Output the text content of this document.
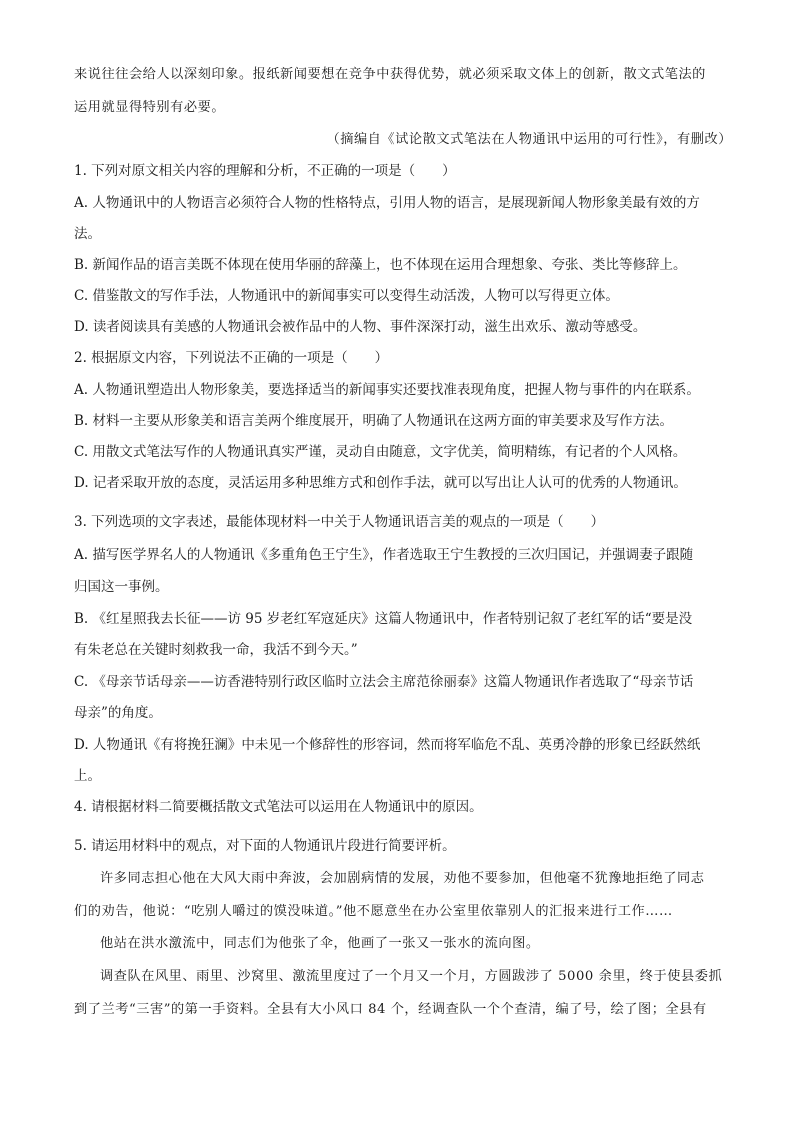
来说往往会给人以深刻印象。报纸新闻要想在竞争中获得优势，就必须采取文体上的创新，散文式笔法的
运用就显得特别有必要。
（摘编自《试论散文式笔法在人物通讯中运用的可行性》，有删改）
1. 下列对原文相关内容的理解和分析，不正确的一项是（　　）
A. 人物通讯中的人物语言必须符合人物的性格特点，引用人物的语言，是展现新闻人物形象美最有效的方
法。
B. 新闻作品的语言美既不体现在使用华丽的辞藻上，也不体现在运用合理想象、夸张、类比等修辞上。
C. 借鉴散文的写作手法，人物通讯中的新闻事实可以变得生动活泼，人物可以写得更立体。
D. 读者阅读具有美感的人物通讯会被作品中的人物、事件深深打动，滋生出欢乐、激动等感受。
2. 根据原文内容，下列说法不正确的一项是（　　）
A. 人物通讯塑造出人物形象美，要选择适当的新闻事实还要找准表现角度，把握人物与事件的内在联系。
B. 材料一主要从形象美和语言美两个维度展开，明确了人物通讯在这两方面的审美要求及写作方法。
C. 用散文式笔法写作的人物通讯真实严谨，灵动自由随意，文字优美，简明精练，有记者的个人风格。
D. 记者采取开放的态度，灵活运用多种思维方式和创作手法，就可以写出让人认可的优秀的人物通讯。
3. 下列选项的文字表述，最能体现材料一中关于人物通讯语言美的观点的一项是（　　）
A. 描写医学界名人的人物通讯《多重角色王宁生》，作者选取王宁生教授的三次归国记，并强调妻子跟随
归国这一事例。
B. 《红星照我去长征——访 95 岁老红军寇延庆》这篇人物通讯中，作者特别记叙了老红军的话“要是没
有朱老总在关键时刻救我一命，我活不到今天。”
C. 《母亲节话母亲——访香港特别行政区临时立法会主席范徐丽泰》这篇人物通讯作者选取了“母亲节话
母亲”的角度。
D. 人物通讯《有将挽狂澜》中未见一个修辞性的形容词，然而将军临危不乱、英勇冷静的形象已经跃然纸
上。
4. 请根据材料二简要概括散文式笔法可以运用在人物通讯中的原因。
5. 请运用材料中的观点，对下面的人物通讯片段进行简要评析。
许多同志担心他在大风大雨中奔波，会加剧病情的发展，劝他不要参加，但他毫不犹豫地拒绝了同志
们的劝告，他说：“吃别人嚼过的馍没味道。”他不愿意坐在办公室里依靠别人的汇报来进行工作……
他站在洪水激流中，同志们为他张了伞，他画了一张又一张水的流向图。
调查队在风里、雨里、沙窝里、激流里度过了一个月又一个月，方圆跋涉了 5000 余里，终于使县委抓
到了兰考“三害”的第一手资料。全县有大小风口 84 个，经调查队一个个查清，编了号，绘了图；全县有
